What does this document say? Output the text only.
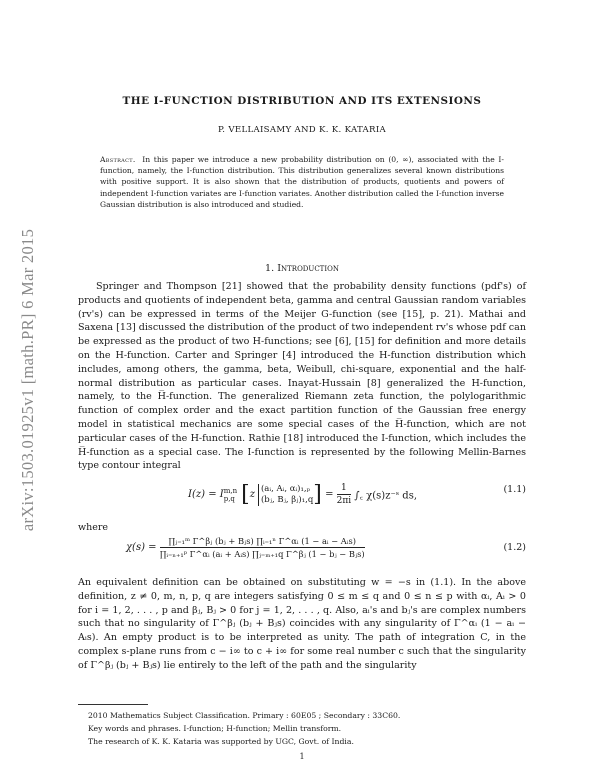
arXiv:1503.01925v1 [math.PR] 6 Mar 2015
THE I-FUNCTION DISTRIBUTION AND ITS EXTENSIONS
P. VELLAISAMY AND K. K. KATARIA
Abstract. In this paper we introduce a new probability distribution on (0, ∞), associated with the I-function, namely, the I-function distribution. This distribution generalizes several known distributions with positive support. It is also shown that the distribution of products, quotients and powers of independent I-function variates are I-function variates. Another distribution called the I-function inverse Gaussian distribution is also introduced and studied.
1. Introduction

Springer and Thompson [21] showed that the probability density functions (pdf's) of products and quotients of independent beta, gamma and central Gaussian random variables (rv's) can be expressed in terms of the Meijer G-function (see [15], p. 21). Mathai and Saxena [13] discussed the distribution of the product of two independent rv's whose pdf can be expressed as the product of two H-functions; see [6], [15] for definition and more details on the H-function. Carter and Springer [4] introduced the H-function distribution which includes, among others, the gamma, beta, Weibull, chi-square, exponential and the half-normal distribution as particular cases. Inayat-Hussain [8] generalized the H-function, namely, to the H̅-function. The generalized Riemann zeta function, the polylogarithmic function of complex order and the exact partition function of the Gaussian free energy model in statistical mechanics are some special cases of the H̅-function, which are not particular cases of the H-function. Rathie [18] introduced the I-function, which includes the H̅-function as a special case. The I-function is represented by the following Mellin-Barnes type contour integral

I(z) = I m,n
p,q [z
(aᵢ, Aᵢ, αᵢ)₁,ₚ
(bⱼ, Bⱼ, βⱼ)₁,q ] = $\frac{1}{2\pi i}$ ∫꜀ χ(s)z⁻ˢ ds,
(1.1)
where
$\chi(s) = \frac{\text{∏ⱼ₌₁ᵐ Γ\textasciicircum{}βⱼ (bⱼ + Bⱼs) ∏ᵢ₌₁ⁿ Γ\textasciicircum{}αᵢ (1 − aᵢ − Aᵢs)}}{\text{∏ᵢ₌ₙ₊₁ᵖ Γ\textasciicircum{}αᵢ (aᵢ + Aᵢs) ∏ⱼ₌ₘ₊₁q Γ\textasciicircum{}βⱼ (1 − bⱼ − Bⱼs)}}$	(1.2)

An equivalent definition can be obtained on substituting w = −s in (1.1). In the above definition, z ≠ 0, m, n, p, q are integers satisfying 0 ≤ m ≤ q and 0 ≤ n ≤ p with αᵢ, Aᵢ > 0 for i = 1, 2, . . . , p and βⱼ, Bⱼ > 0 for j = 1, 2, . . . , q. Also, aᵢ's and bⱼ's are complex numbers such that no singularity of Γ^βⱼ (bⱼ + Bⱼs) coincides with any singularity of Γ^αᵢ (1 − aᵢ − Aᵢs). An empty product is to be interpreted as unity. The path of integration C, in the complex s-plane runs from c − i∞ to c + i∞ for some real number c such that the singularity of Γ^βⱼ (bⱼ + Bⱼs) lie entirely to the left of the path and the singularity

2010 Mathematics Subject Classification. Primary : 60E05 ; Secondary : 33C60.
Key words and phrases. I-function; H-function; Mellin transform.
The research of K. K. Kataria was supported by UGC, Govt. of India.
1
